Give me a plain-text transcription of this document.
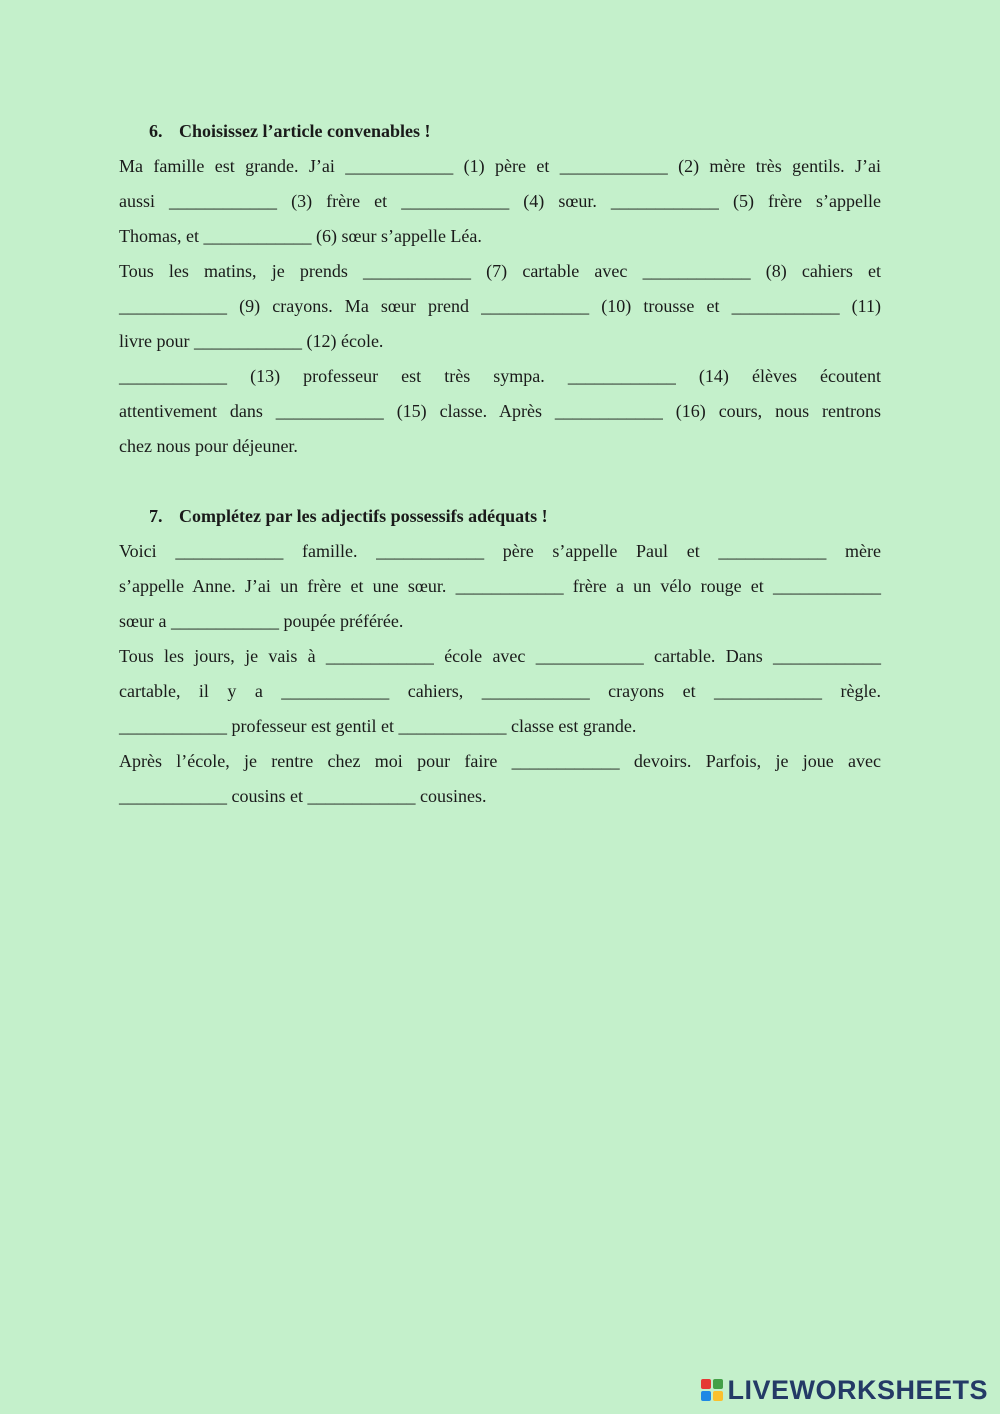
6. Choisissez l’article convenables !

Ma famille est grande. J’ai ____________ (1) père et ____________ (2) mère très gentils. J’ai

aussi ____________ (3) frère et ____________ (4) sœur. ____________ (5) frère s’appelle

Thomas, et ____________ (6) sœur s’appelle Léa.

Tous les matins, je prends ____________ (7) cartable avec ____________ (8) cahiers et

____________ (9) crayons. Ma sœur prend ____________ (10) trousse et ____________ (11)

livre pour ____________ (12) école.

____________ (13) professeur est très sympa. ____________ (14) élèves écoutent

attentivement dans ____________ (15) classe. Après ____________ (16) cours, nous rentrons

chez nous pour déjeuner.

7. Complétez par les adjectifs possessifs adéquats !

Voici ____________ famille. ____________ père s’appelle Paul et ____________ mère

s’appelle Anne. J’ai un frère et une sœur. ____________ frère a un vélo rouge et ____________

sœur a ____________ poupée préférée.

Tous les jours, je vais à ____________ école avec ____________ cartable. Dans ____________

cartable, il y a ____________ cahiers, ____________ crayons et ____________ règle.

____________ professeur est gentil et ____________ classe est grande.

Après l’école, je rentre chez moi pour faire ____________ devoirs. Parfois, je joue avec

____________ cousins et ____________ cousines.

LIVEWORKSHEETS
